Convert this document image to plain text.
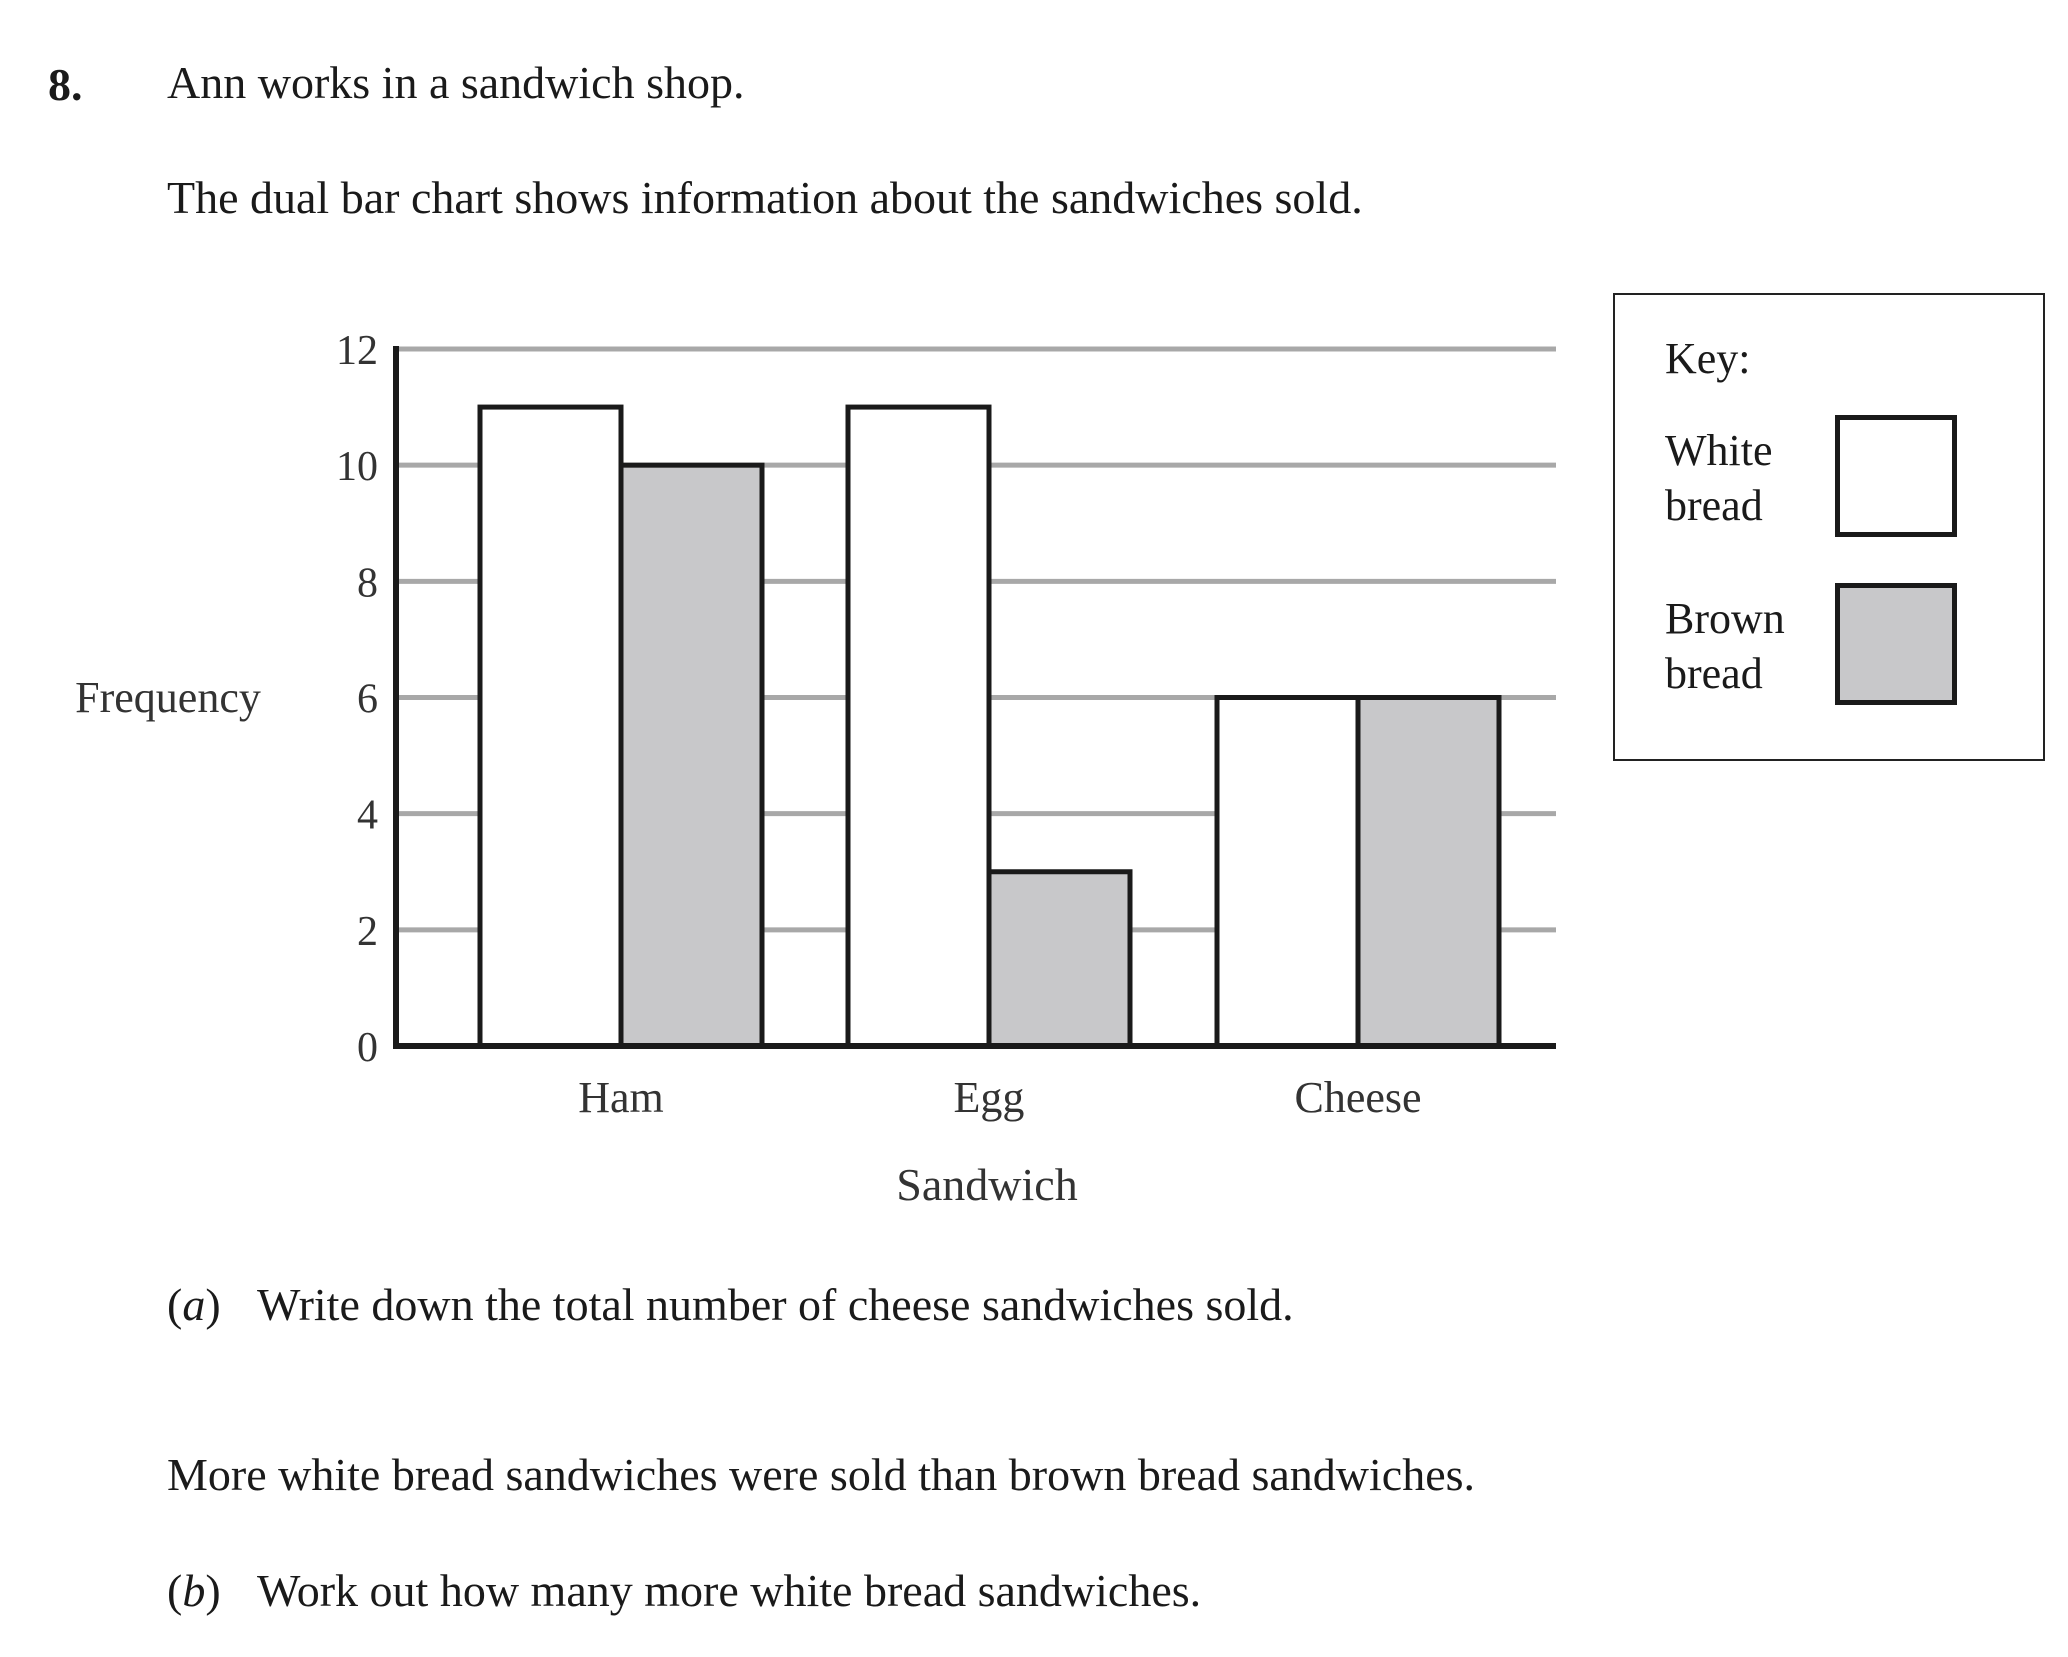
8. Ann works in a sandwich shop.
The dual bar chart shows information about the sandwiches sold.
0
2
4
6
8
10
12
Ham	Egg	Cheese
Frequency
Sandwich
Key:
White bread
Brown bread
(a) Write down the total number of cheese sandwiches sold.
More white bread sandwiches were sold than brown bread sandwiches.
(b) Work out how many more white bread sandwiches.
